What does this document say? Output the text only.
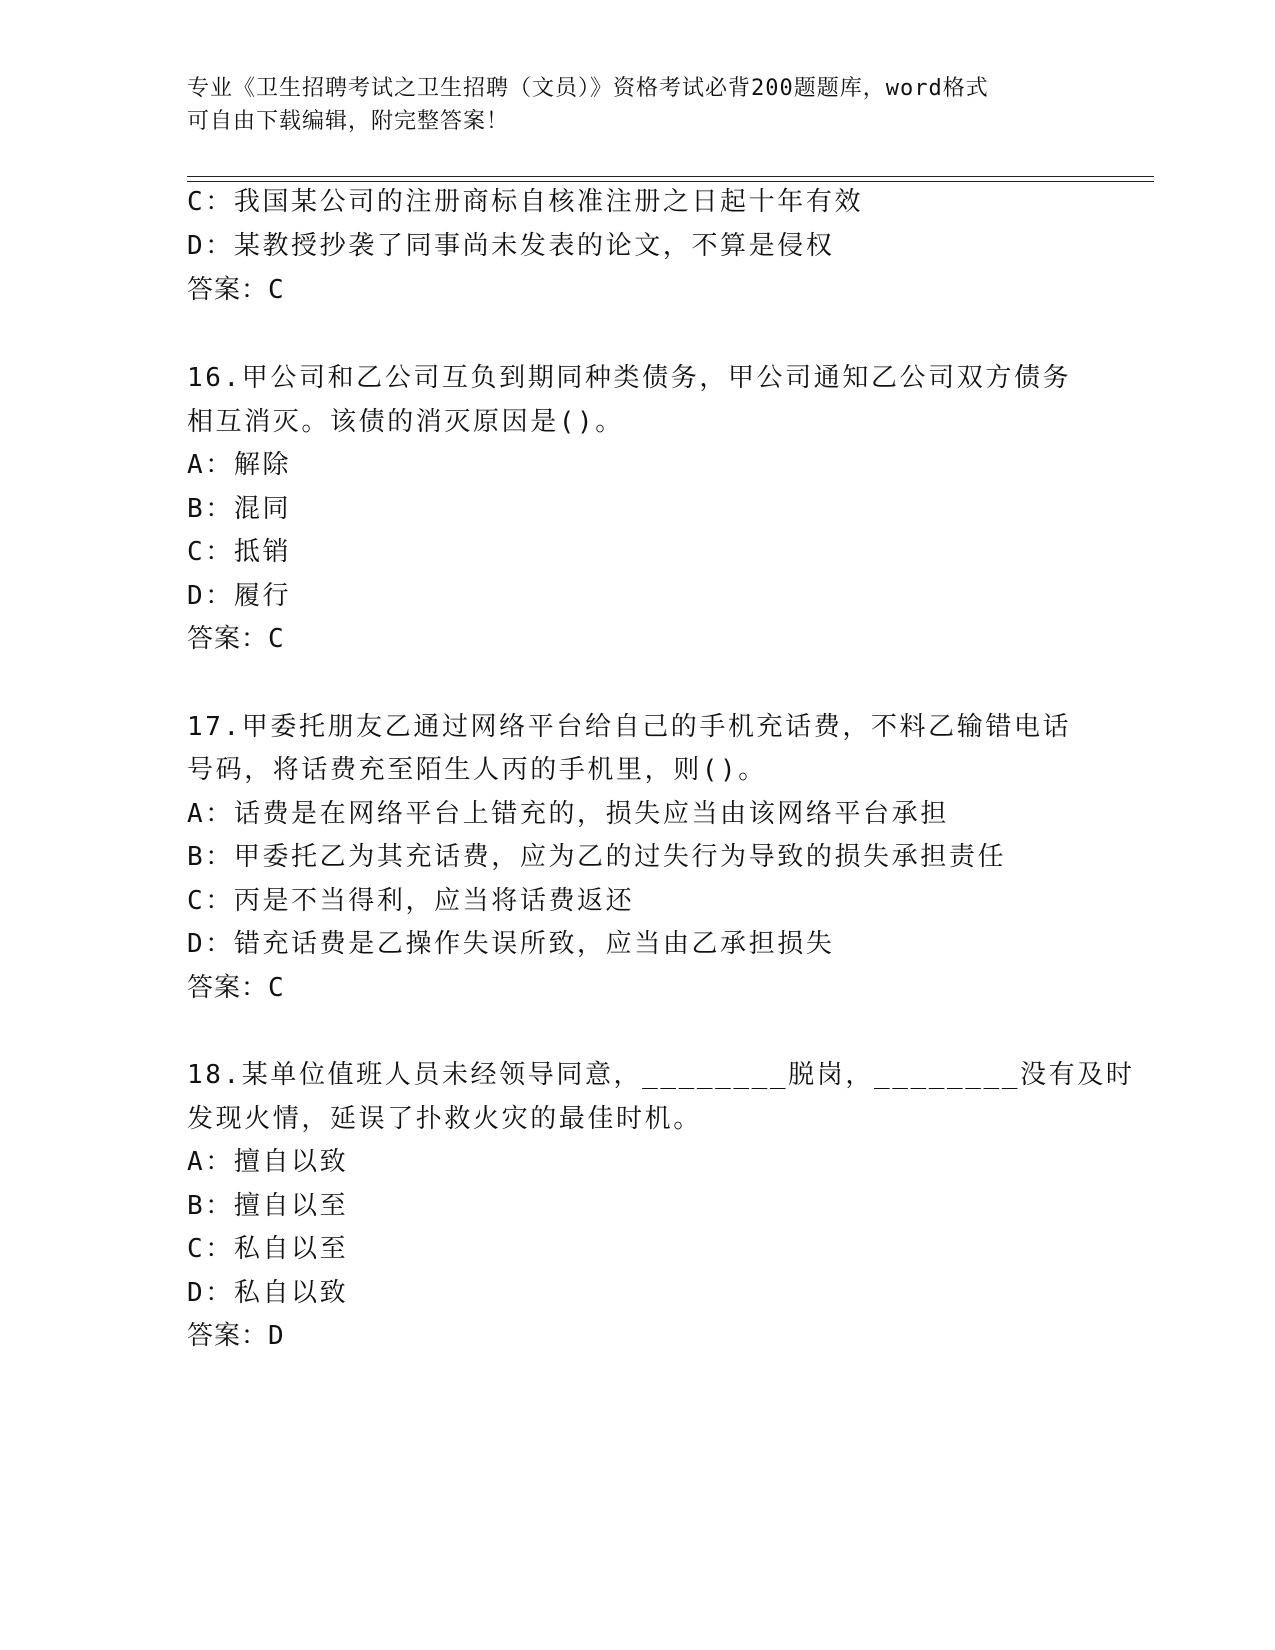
专业《卫生招聘考试之卫生招聘（文员）》资格考试必背200题题库，word格式
可自由下载编辑，附完整答案！
C：我国某公司的注册商标自核准注册之日起十年有效
D：某教授抄袭了同事尚未发表的论文，不算是侵权
答案：C
16.甲公司和乙公司互负到期同种类债务，甲公司通知乙公司双方债务
相互消灭。该债的消灭原因是()。
A：解除
B：混同
C：抵销
D：履行
答案：C
17.甲委托朋友乙通过网络平台给自己的手机充话费，不料乙输错电话
号码，将话费充至陌生人丙的手机里，则()。
A：话费是在网络平台上错充的，损失应当由该网络平台承担
B：甲委托乙为其充话费，应为乙的过失行为导致的损失承担责任
C：丙是不当得利，应当将话费返还
D：错充话费是乙操作失误所致，应当由乙承担损失
答案：C
18.某单位值班人员未经领导同意，________脱岗，________没有及时
发现火情，延误了扑救火灾的最佳时机。
A：擅自以致
B：擅自以至
C：私自以至
D：私自以致
答案：D
